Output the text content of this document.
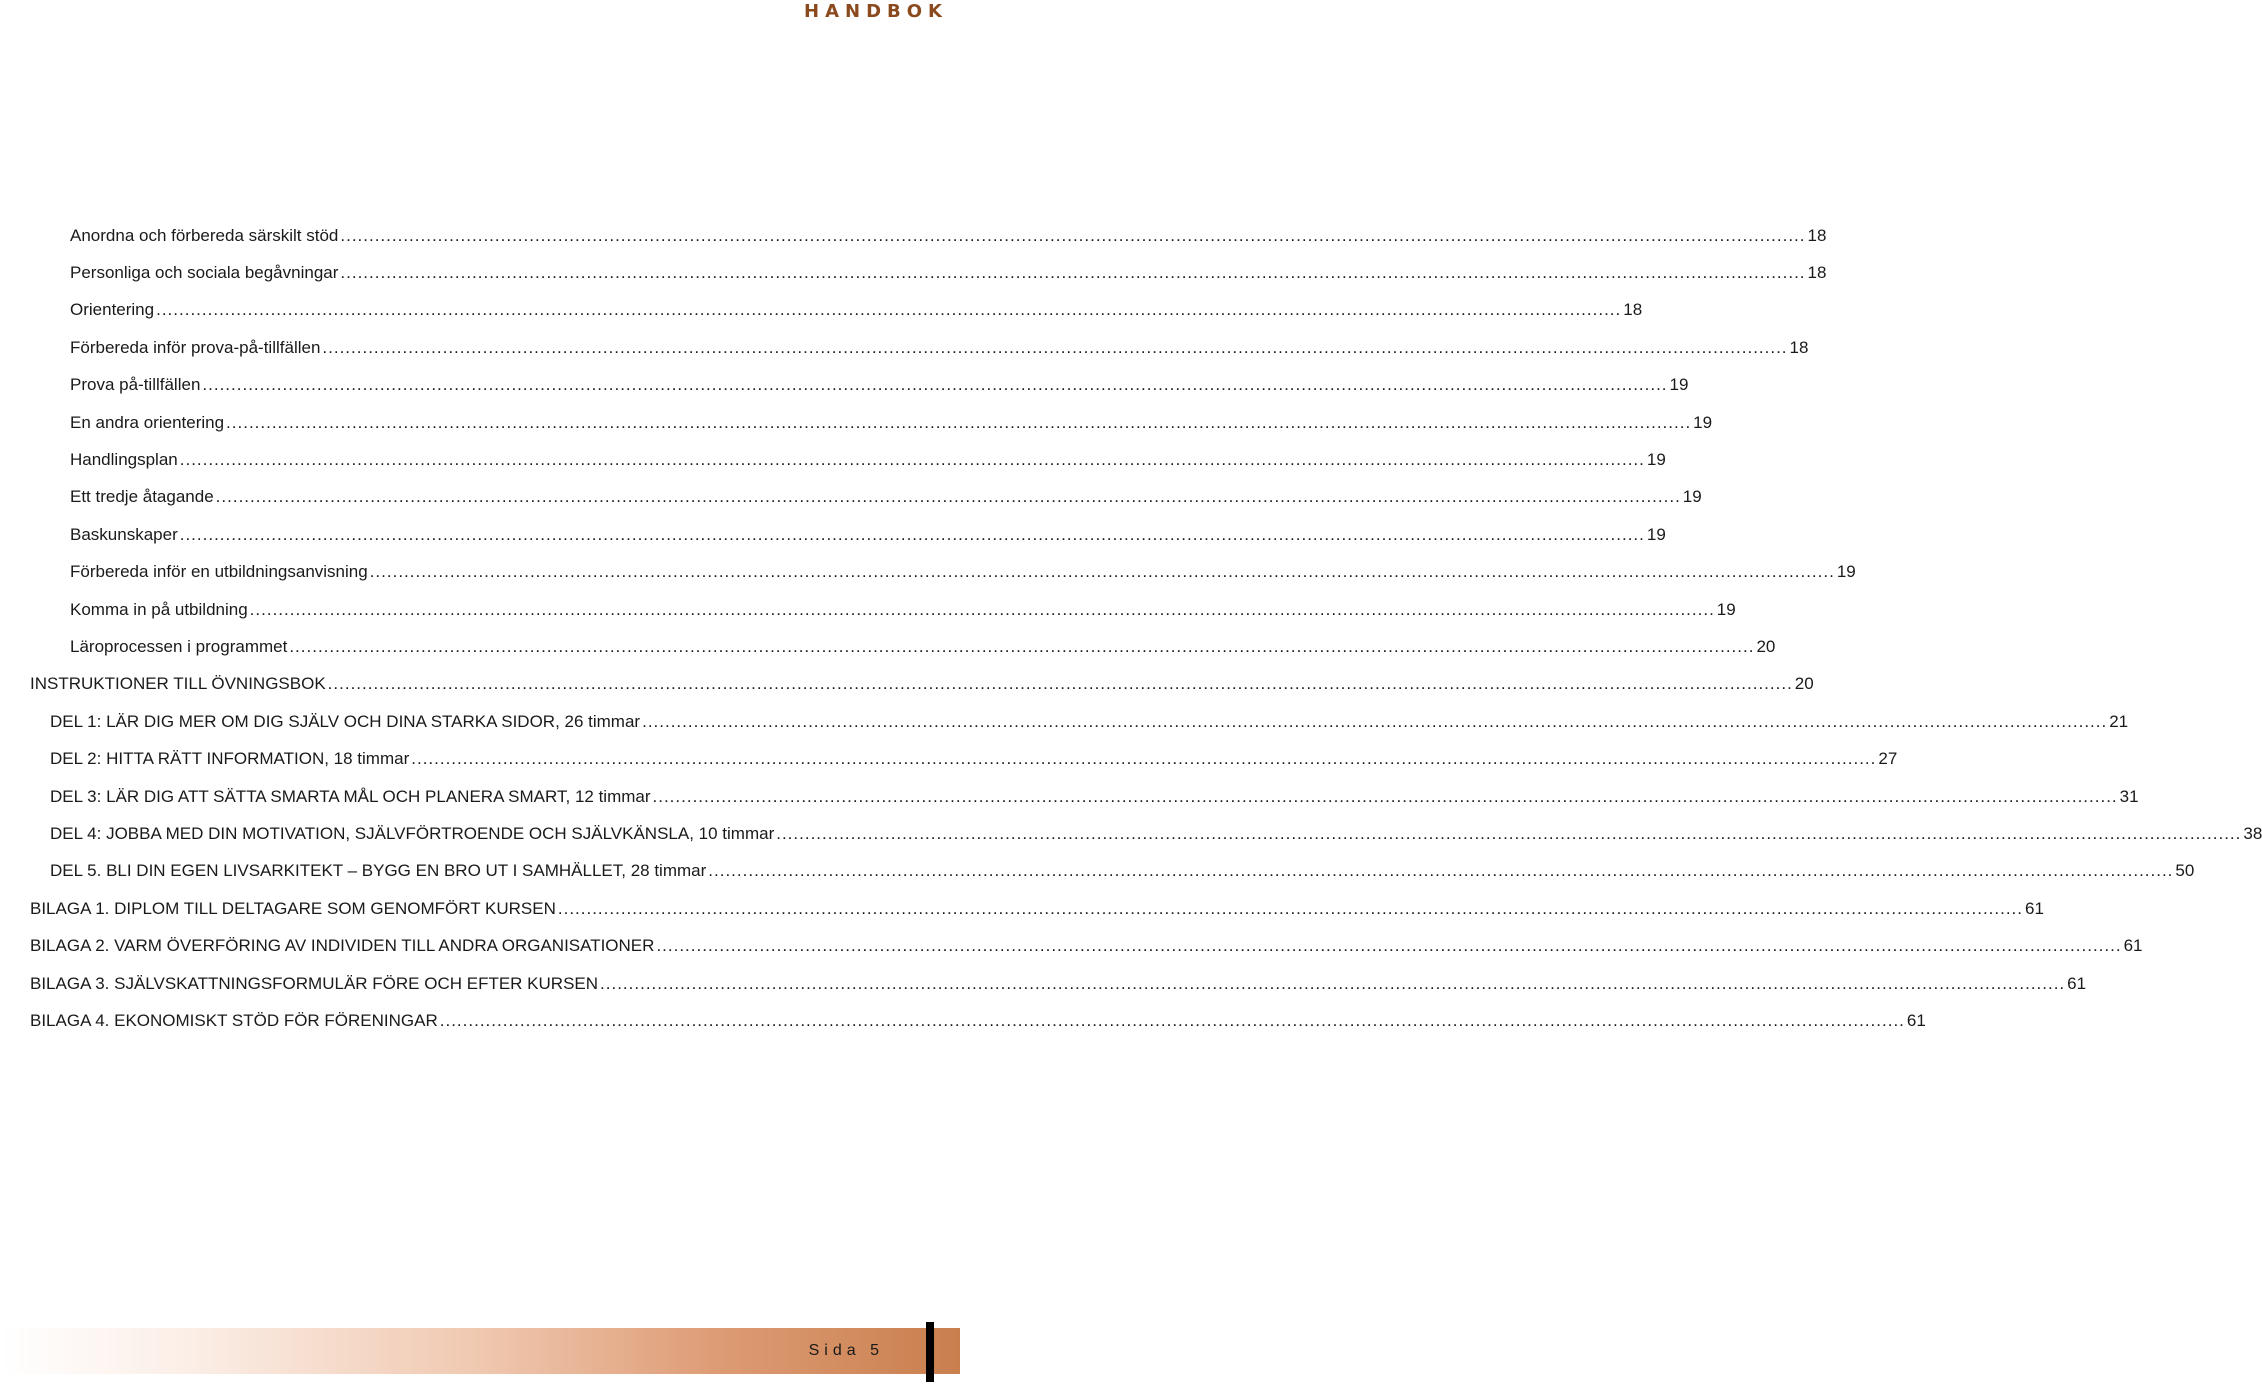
HANDBOK
Anordna och förbereda särskilt stöd .....	18
Personliga och sociala begåvningar .....	18
Orientering .....	18
Förbereda inför prova-på-tillfällen .....	18
Prova på-tillfällen .....	19
En andra orientering .....	19
Handlingsplan .....	19
Ett tredje åtagande .....	19
Baskunskaper .....	19
Förbereda inför en utbildningsanvisning .....	19
Komma in på utbildning .....	19
Läroprocessen i programmet .....	20
INSTRUKTIONER TILL ÖVNINGSBOK .....	20
DEL 1: LÄR DIG MER OM DIG SJÄLV OCH DINA STARKA SIDOR, 26 timmar .....	21
DEL 2: HITTA RÄTT INFORMATION, 18 timmar .....	27
DEL 3: LÄR DIG ATT SÄTTA SMARTA MÅL OCH PLANERA SMART, 12 timmar .....	31
DEL 4: JOBBA MED DIN MOTIVATION, SJÄLVFÖRTROENDE OCH SJÄLVKÄNSLA, 10 timmar .....	38
DEL 5. BLI DIN EGEN LIVSARKITEKT – BYGG EN BRO UT I SAMHÄLLET, 28 timmar .....	50
BILAGA 1. DIPLOM TILL DELTAGARE SOM GENOMFÖRT KURSEN .....	61
BILAGA 2. VARM ÖVERFÖRING AV INDIVIDEN TILL ANDRA ORGANISATIONER .....	61
BILAGA 3. SJÄLVSKATTNINGSFORMULÄR FÖRE OCH EFTER KURSEN .....	61
BILAGA 4. EKONOMISKT STÖD FÖR FÖRENINGAR .....	61
Sida 5
